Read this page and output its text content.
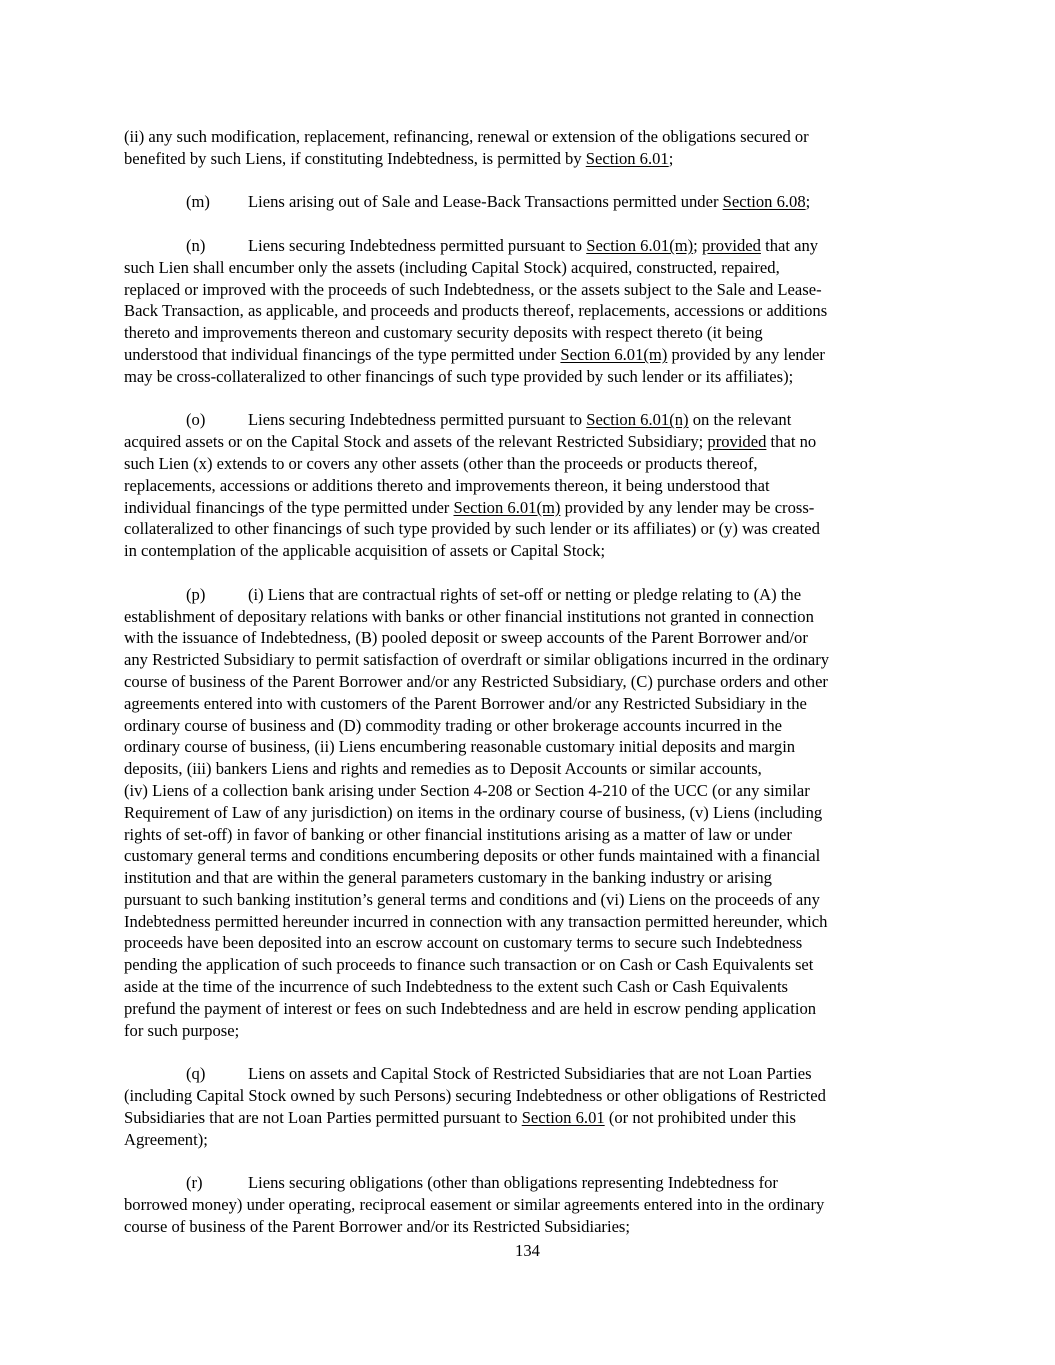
(ii) any such modification, replacement, refinancing, renewal or extension of the obligations secured or
benefited by such Liens, if constituting Indebtedness, is permitted by Section 6.01;

(m) Liens arising out of Sale and Lease-Back Transactions permitted under Section 6.08;

(n)	Liens securing Indebtedness permitted pursuant to Section 6.01(m); provided that any
such Lien shall encumber only the assets (including Capital Stock) acquired, constructed, repaired,
replaced or improved with the proceeds of such Indebtedness, or the assets subject to the Sale and Lease-
Back Transaction, as applicable, and proceeds and products thereof, replacements, accessions or additions
thereto and improvements thereon and customary security deposits with respect thereto (it being
understood that individual financings of the type permitted under Section 6.01(m) provided by any lender
may be cross-collateralized to other financings of such type provided by such lender or its affiliates);

(o)	Liens securing Indebtedness permitted pursuant to Section 6.01(n) on the relevant
acquired assets or on the Capital Stock and assets of the relevant Restricted Subsidiary; provided that no
such Lien (x) extends to or covers any other assets (other than the proceeds or products thereof,
replacements, accessions or additions thereto and improvements thereon, it being understood that
individual financings of the type permitted under Section 6.01(m) provided by any lender may be cross-
collateralized to other financings of such type provided by such lender or its affiliates) or (y) was created
in contemplation of the applicable acquisition of assets or Capital Stock;

(p)	(i) Liens that are contractual rights of set-off or netting or pledge relating to (A) the
establishment of depositary relations with banks or other financial institutions not granted in connection
with the issuance of Indebtedness, (B) pooled deposit or sweep accounts of the Parent Borrower and/or
any Restricted Subsidiary to permit satisfaction of overdraft or similar obligations incurred in the ordinary
course of business of the Parent Borrower and/or any Restricted Subsidiary, (C) purchase orders and other
agreements entered into with customers of the Parent Borrower and/or any Restricted Subsidiary in the
ordinary course of business and (D) commodity trading or other brokerage accounts incurred in the
ordinary course of business, (ii) Liens encumbering reasonable customary initial deposits and margin
deposits, (iii) bankers Liens and rights and remedies as to Deposit Accounts or similar accounts,
(iv) Liens of a collection bank arising under Section 4-208 or Section 4-210 of the UCC (or any similar
Requirement of Law of any jurisdiction) on items in the ordinary course of business, (v) Liens (including
rights of set-off) in favor of banking or other financial institutions arising as a matter of law or under
customary general terms and conditions encumbering deposits or other funds maintained with a financial
institution and that are within the general parameters customary in the banking industry or arising
pursuant to such banking institution’s general terms and conditions and (vi) Liens on the proceeds of any
Indebtedness permitted hereunder incurred in connection with any transaction permitted hereunder, which
proceeds have been deposited into an escrow account on customary terms to secure such Indebtedness
pending the application of such proceeds to finance such transaction or on Cash or Cash Equivalents set
aside at the time of the incurrence of such Indebtedness to the extent such Cash or Cash Equivalents
prefund the payment of interest or fees on such Indebtedness and are held in escrow pending application
for such purpose;

(q)	Liens on assets and Capital Stock of Restricted Subsidiaries that are not Loan Parties
(including Capital Stock owned by such Persons) securing Indebtedness or other obligations of Restricted
Subsidiaries that are not Loan Parties permitted pursuant to Section 6.01 (or not prohibited under this
Agreement);

(r)	Liens securing obligations (other than obligations representing Indebtedness for
borrowed money) under operating, reciprocal easement or similar agreements entered into in the ordinary
course of business of the Parent Borrower and/or its Restricted Subsidiaries;

134
